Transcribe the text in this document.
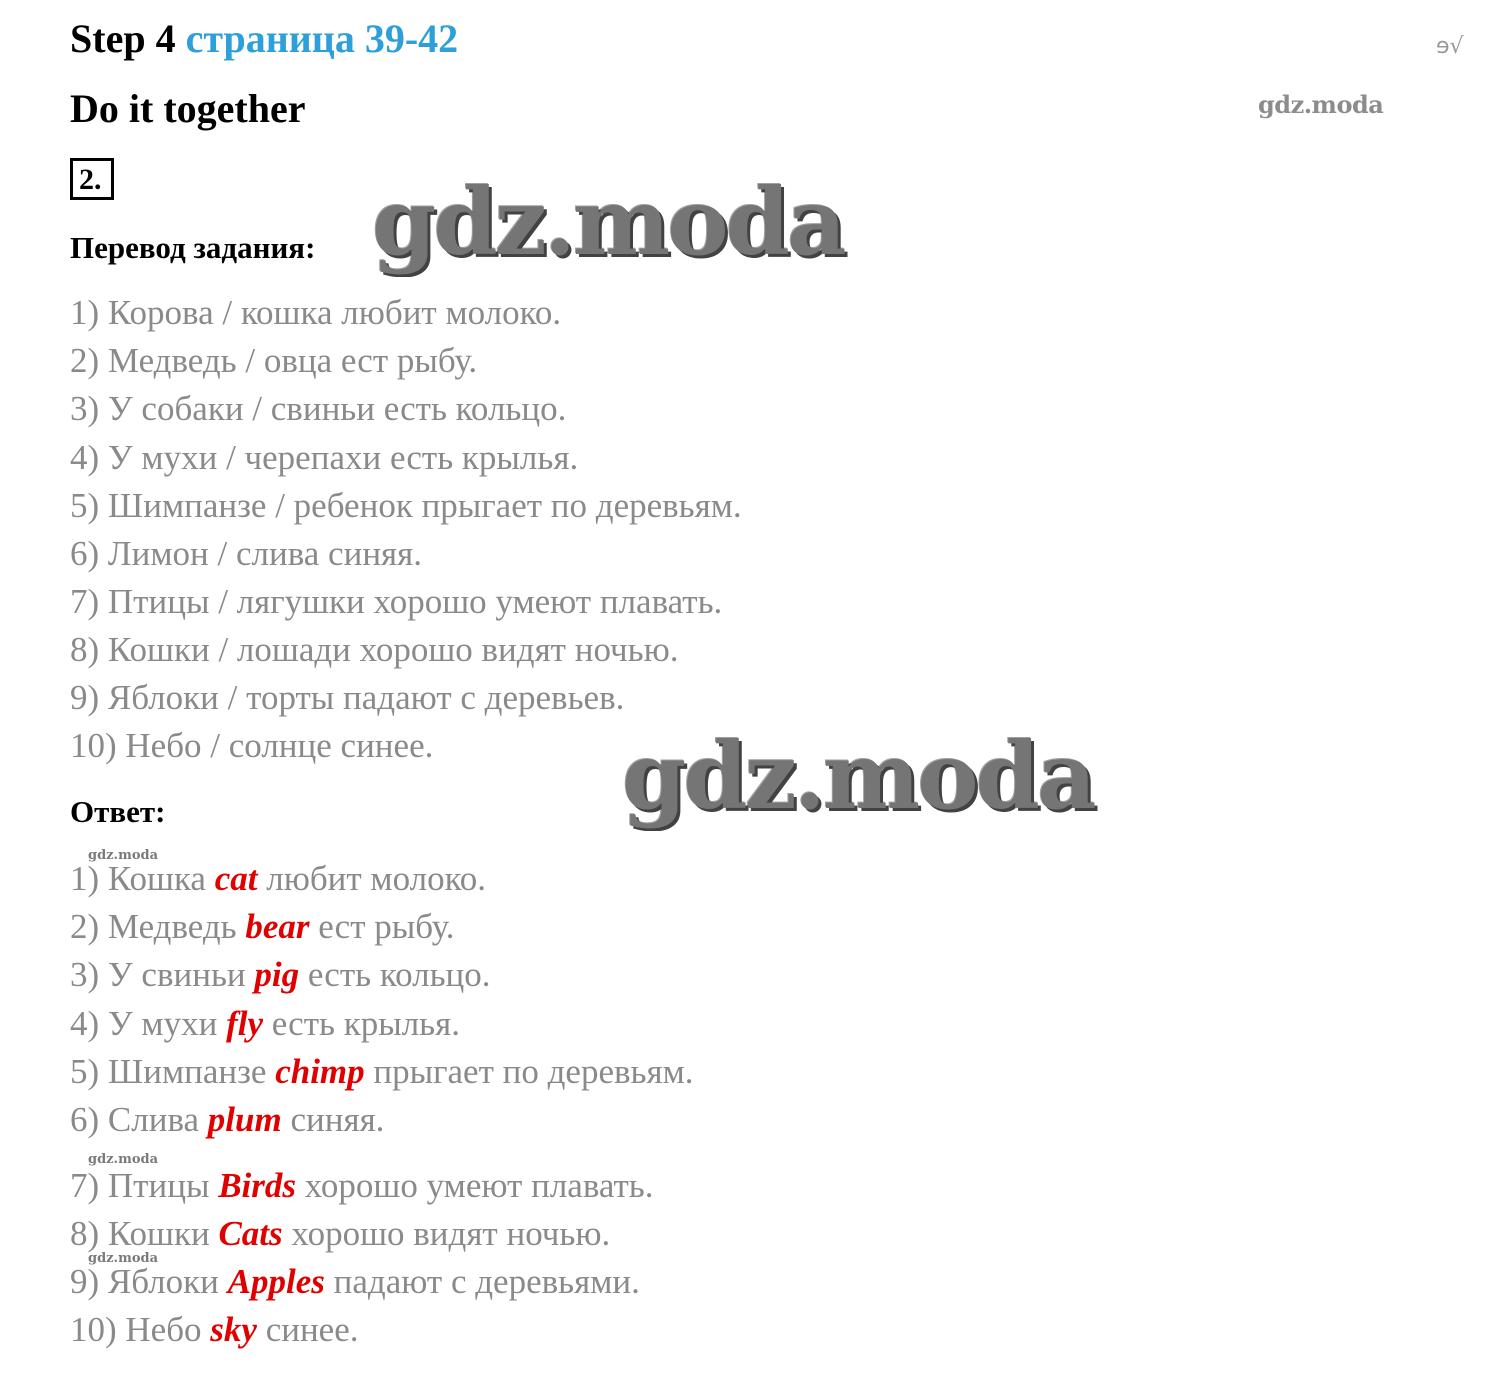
Step 4 страница 39-42	ɘ√
Do it together
2.
Перевод задания:
1) Корова / кошка любит молоко.
2) Медведь / овца ест рыбу.
3) У собаки / свиньи есть кольцо.
4) У мухи / черепахи есть крылья.
5) Шимпанзе / ребенок прыгает по деревьям.
6) Лимон / слива синяя.
7) Птицы / лягушки хорошо умеют плавать.
8) Кошки / лошади хорошо видят ночью.
9) Яблоки / торты падают с деревьев.
10) Небо / солнце синее.
Ответ:
1) Кошка cat любит молоко.
2) Медведь bear ест рыбу.
3) У свиньи pig есть кольцо.
4) У мухи fly есть крылья.
5) Шимпанзе chimp прыгает по деревьям.
6) Слива plum синяя.
7) Птицы Birds хорошо умеют плавать.
8) Кошки Cats хорошо видят ночью.
9) Яблоки Apples падают с деревьями.
10) Небо sky синее.
gdz.moda
gdz.moda
gdz.moda
gdz.moda
gdz.moda
gdz.moda
